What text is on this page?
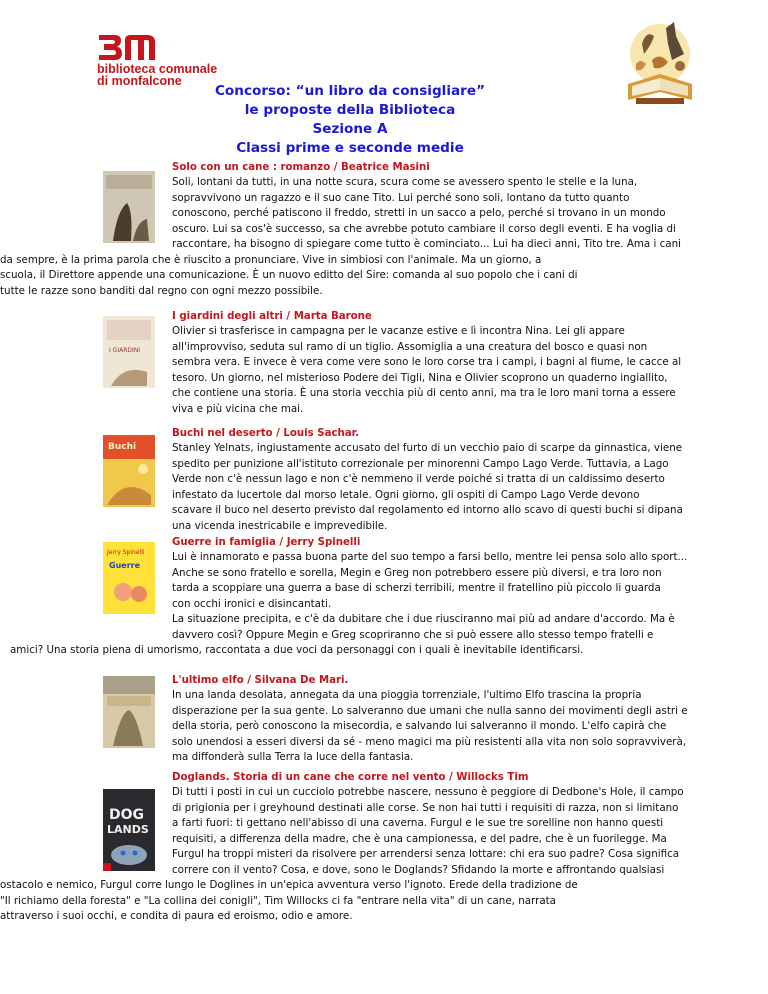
biblioteca comunale
di monfalcone
Concorso: “un libro da consigliare”
le proposte della Biblioteca
Sezione A
Classi prime e seconde medie
Solo con un cane : romanzo / Beatrice Masini
Soli, lontani da tutti, in una notte scura, scura come se avessero spento le stelle e la luna,
sopravvivono un ragazzo e il suo cane Tito. Lui perché sono soli, lontano da tutto quanto
conoscono, perché patiscono il freddo, stretti in un sacco a pelo, perché si trovano in un mondo
oscuro. Lui sa cos'è successo, sa che avrebbe potuto cambiare il corso degli eventi. E ha voglia di
raccontare, ha bisogno di spiegare come tutto è cominciato... Lui ha dieci anni, Tito tre. Ama i cani
da sempre, è la prima parola che è riuscito a pronunciare. Vive in simbiosi con l'animale. Ma un giorno, a
scuola, il Direttore appende una comunicazione. È un nuovo editto del Sire: comanda al suo popolo che i cani di
tutte le razze sono banditi dal regno con ogni mezzo possibile.
I GIARDINI
I giardini degli altri / Marta Barone
Olivier si trasferisce in campagna per le vacanze estive e lì incontra Nina. Lei gli appare
all'improvviso, seduta sul ramo di un tiglio. Assomiglia a una creatura del bosco e quasi non
sembra vera. E invece è vera come vere sono le loro corse tra i campi, i bagni al fiume, le cacce al
tesoro. Un giorno, nel misterioso Podere dei Tigli, Nina e Olivier scoprono un quaderno ingiallito,
che contiene una storia. È una storia vecchia più di cento anni, ma tra le loro mani torna a essere
viva e più vicina che mai.
Buchi
Buchi nel deserto / Louis Sachar.
Stanley Yelnats, ingiustamente accusato del furto di un vecchio paio di scarpe da ginnastica, viene
spedito per punizione all'istituto correzionale per minorenni Campo Lago Verde. Tuttavia, a Lago
Verde non c'è nessun lago e non c'è nemmeno il verde poiché si tratta di un caldissimo deserto
infestato da lucertole dal morso letale. Ogni giorno, gli ospiti di Campo Lago Verde devono
scavare il buco nel deserto previsto dal regolamento ed intorno allo scavo di questi buchi si dipana
una vicenda inestricabile e imprevedibile.
Jerry Spinelli
Guerre
Guerre in famiglia / Jerry Spinelli
Lui è innamorato e passa buona parte del suo tempo a farsi bello, mentre lei pensa solo allo sport...
Anche se sono fratello e sorella, Megin e Greg non potrebbero essere più diversi, e tra loro non
tarda a scoppiare una guerra a base di scherzi terribili, mentre il fratellino più piccolo li guarda
con occhi ironici e disincantati.
La situazione precipita, e c'è da dubitare che i due riusciranno mai più ad andare d'accordo. Ma è
davvero così? Oppure Megin e Greg scopriranno che si può essere allo stesso tempo fratelli e
amici? Una storia piena di umorismo, raccontata a due voci da personaggi con i quali è inevitabile identificarsi.
L'ultimo elfo / Silvana De Mari.
In una landa desolata, annegata da una pioggia torrenziale, l'ultimo Elfo trascina la propria
disperazione per la sua gente. Lo salveranno due umani che nulla sanno dei movimenti degli astri e
della storia, però conoscono la misecordia, e salvando lui salveranno il mondo. L'elfo capirà che
solo unendosi a esseri diversi da sé - meno magici ma più resistenti alla vita non solo sopravviverà,
ma diffonderà sulla Terra la luce della fantasia.
DOG
LANDS
Doglands. Storia di un cane che corre nel vento / Willocks Tim
Di tutti i posti in cui un cucciolo potrebbe nascere, nessuno è peggiore di Dedbone's Hole, il campo
di prigionia per i greyhound destinati alle corse. Se non hai tutti i requisiti di razza, non si limitano
a farti fuori: ti gettano nell'abisso di una caverna. Furgul e le sue tre sorelline non hanno questi
requisiti, a differenza della madre, che è una campionessa, e del padre, che è un fuorilegge. Ma
Furgul ha troppi misteri da risolvere per arrendersi senza lottare: chi era suo padre? Cosa significa
correre con il vento? Cosa, e dove, sono le Doglands? Sfidando la morte e affrontando qualsiasi
ostacolo e nemico, Furgul corre lungo le Doglines in un'epica avventura verso l'ignoto. Erede della tradizione de
"Il richiamo della foresta" e "La collina dei conigli", Tim Willocks ci fa "entrare nella vita" di un cane, narrata
attraverso i suoi occhi, e condita di paura ed eroismo, odio e amore.
